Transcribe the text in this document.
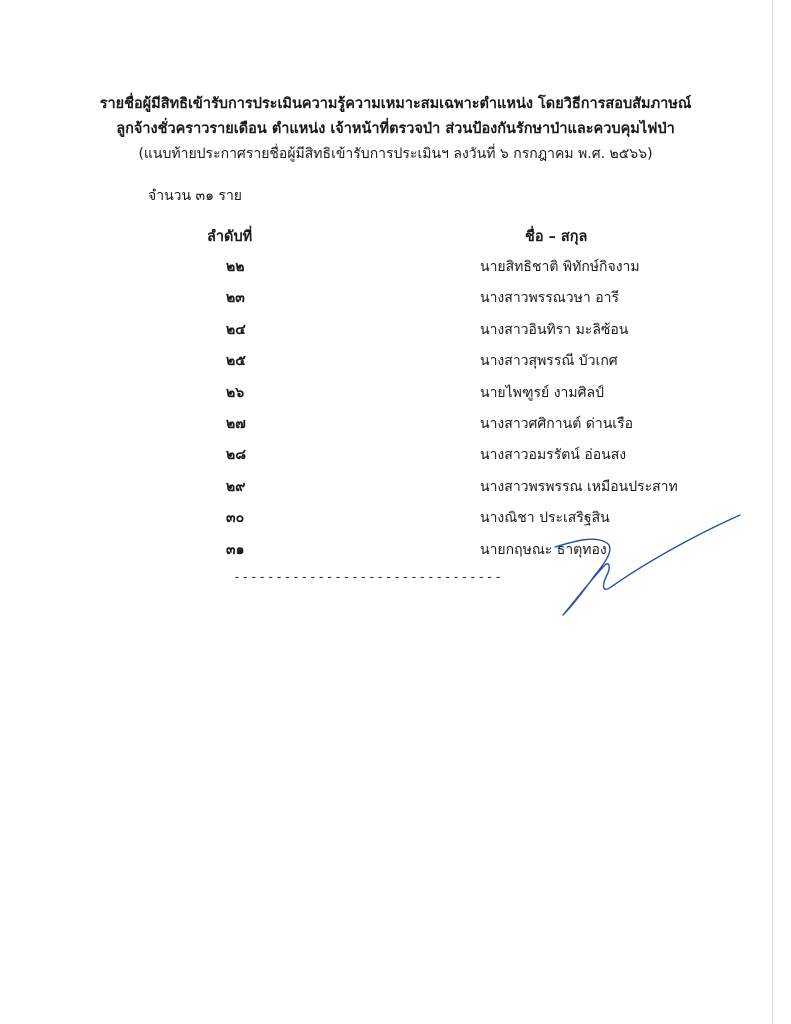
รายชื่อผู้มีสิทธิเข้ารับการประเมินความรู้ความเหมาะสมเฉพาะตำแหน่ง โดยวิธีการสอบสัมภาษณ์
ลูกจ้างชั่วคราวรายเดือน ตำแหน่ง เจ้าหน้าที่ตรวจป่า ส่วนป้องกันรักษาป่าและควบคุมไฟป่า
(แนบท้ายประกาศรายชื่อผู้มีสิทธิเข้ารับการประเมินฯ ลงวันที่ ๖ กรกฎาคม พ.ศ. ๒๕๖๖)
จำนวน ๓๑ ราย
ลำดับที่	ชื่อ – สกุล
๒๒	นายสิทธิชาติ พิทักษ์กิจงาม
๒๓	นางสาวพรรณวษา อารี
๒๔	นางสาวอินทิรา มะลิซ้อน
๒๕	นางสาวสุพรรณี บัวเกศ
๒๖	นายไพฑูรย์ งามศิลป์
๒๗	นางสาวศศิกานต์ ด่านเรือ
๒๘	นางสาวอมรรัตน์ อ่อนสง
๒๙	นางสาวพรพรรณ เหมือนประสาท
๓๐	นางณิชา ประเสริฐสิน
๓๑	นายกฤษณะ ธาตุทอง
--------------------------------
